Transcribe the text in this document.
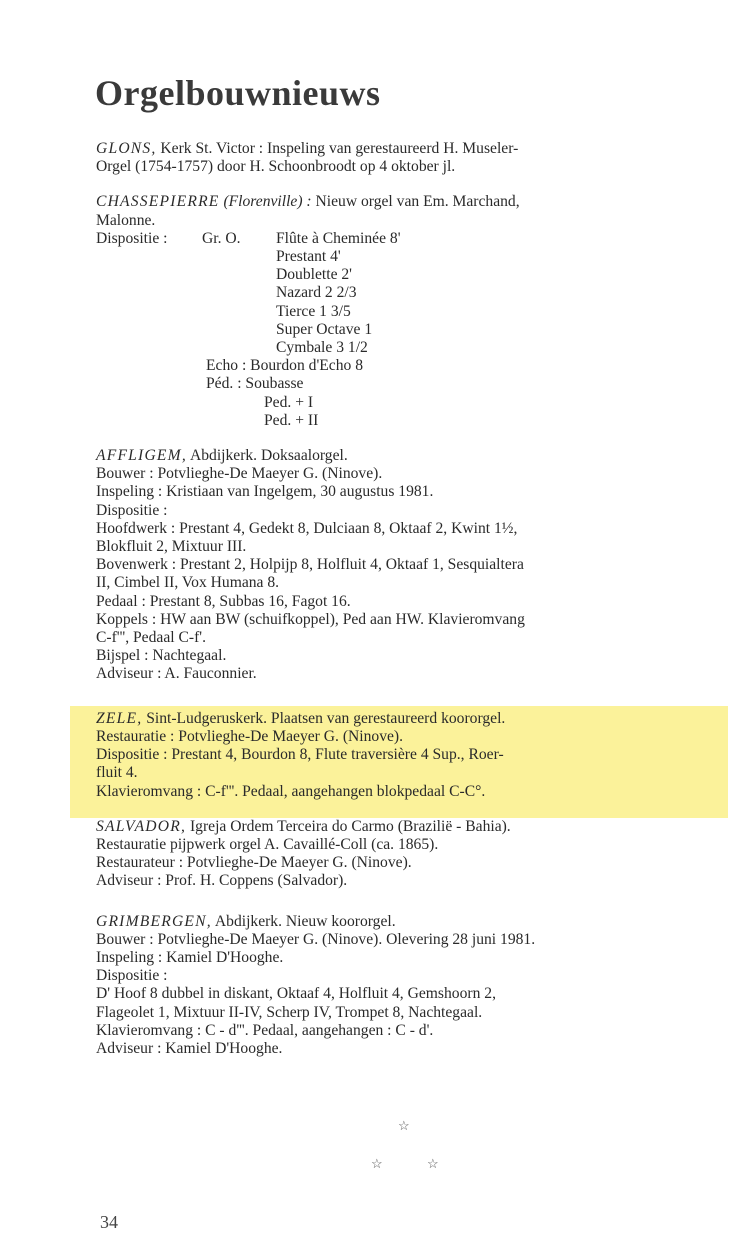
Orgelbouwnieuws
GLONS, Kerk St. Victor : Inspeling van gerestaureerd H. Museler-
Orgel (1754-1757) door H. Schoonbroodt op 4 oktober jl.
CHASSEPIERRE (Florenville) : Nieuw orgel van Em. Marchand,
Malonne.
Dispositie :	Gr. O.	Flûte à Cheminée 8'
Prestant 4'
Doublette 2'
Nazard 2 2/3
Tierce 1 3/5
Super Octave 1
Cymbale 3 1/2
Echo : Bourdon d'Echo 8
Péd. : Soubasse
Ped. + I
Ped. + II
AFFLIGEM, Abdijkerk. Doksaalorgel.
Bouwer : Potvlieghe-De Maeyer G. (Ninove).
Inspeling : Kristiaan van Ingelgem, 30 augustus 1981.
Dispositie :
Hoofdwerk : Prestant 4, Gedekt 8, Dulciaan 8, Oktaaf 2, Kwint 1½,
Blokfluit 2, Mixtuur III.
Bovenwerk : Prestant 2, Holpijp 8, Holfluit 4, Oktaaf 1, Sesquialtera
II, Cimbel II, Vox Humana 8.
Pedaal : Prestant 8, Subbas 16, Fagot 16.
Koppels : HW aan BW (schuifkoppel), Ped aan HW. Klavieromvang
C-f''', Pedaal C-f'.
Bijspel : Nachtegaal.
Adviseur : A. Fauconnier.
ZELE, Sint-Ludgeruskerk. Plaatsen van gerestaureerd koororgel.
Restauratie : Potvlieghe-De Maeyer G. (Ninove).
Dispositie : Prestant 4, Bourdon 8, Flute traversière 4 Sup., Roer-
fluit 4.
Klavieromvang : C-f'''. Pedaal, aangehangen blokpedaal C-C°.
SALVADOR, Igreja Ordem Terceira do Carmo (Brazilië - Bahia).
Restauratie pijpwerk orgel A. Cavaillé-Coll (ca. 1865).
Restaurateur : Potvlieghe-De Maeyer G. (Ninove).
Adviseur : Prof. H. Coppens (Salvador).
GRIMBERGEN, Abdijkerk. Nieuw koororgel.
Bouwer : Potvlieghe-De Maeyer G. (Ninove). Olevering 28 juni 1981.
Inspeling : Kamiel D'Hooghe.
Dispositie :
D' Hoof 8 dubbel in diskant, Oktaaf 4, Holfluit 4, Gemshoorn 2,
Flageolet 1, Mixtuur II-IV, Scherp IV, Trompet 8, Nachtegaal.
Klavieromvang : C - d'''. Pedaal, aangehangen : C - d'.
Adviseur : Kamiel D'Hooghe.
☆
☆	☆
34
